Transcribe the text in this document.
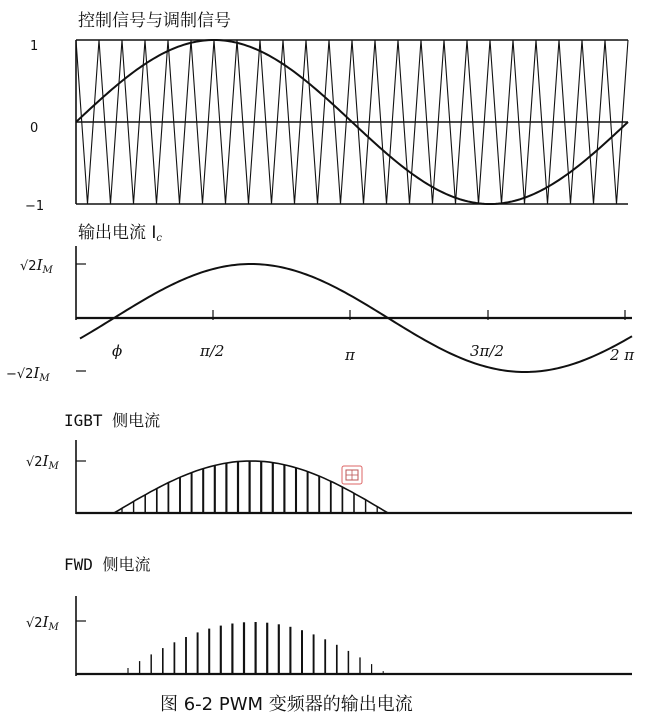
控制信号与调制信号
1
0
−1
输出电流 Ic
√2IM
−√2IM
ϕ	π/2	π	3π/2	2 π
IGBT 侧电流
√2IM
FWD 侧电流
√2IM
图 6-2 PWM 变频器的输出电流
